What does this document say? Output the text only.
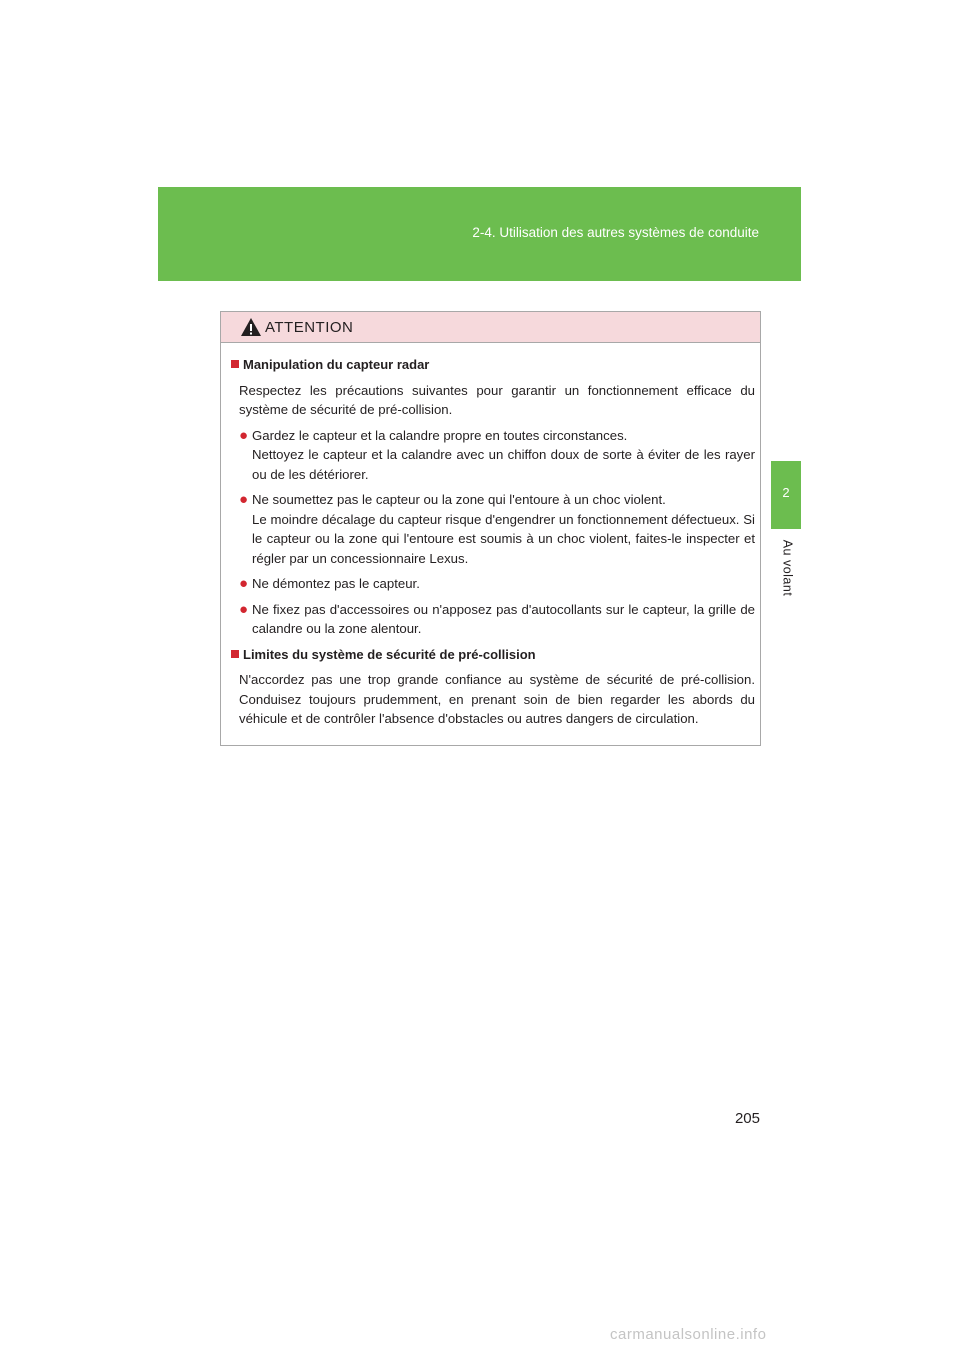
2-4. Utilisation des autres systèmes de conduite
2
Au volant
ATTENTION
Manipulation du capteur radar
Respectez les précautions suivantes pour garantir un fonctionnement efficace du système de sécurité de pré-collision.
● Gardez le capteur et la calandre propre en toutes circonstances.

Nettoyez le capteur et la calandre avec un chiffon doux de sorte à éviter de les rayer ou de les détériorer.

● Ne soumettez pas le capteur ou la zone qui l'entoure à un choc violent.

Le moindre décalage du capteur risque d'engendrer un fonctionnement défectueux. Si le capteur ou la zone qui l'entoure est soumis à un choc violent, faites-le inspecter et régler par un concessionnaire Lexus.

● Ne démontez pas le capteur.

● Ne fixez pas d'accessoires ou n'apposez pas d'autocollants sur le capteur, la grille de calandre ou la zone alentour.

Limites du système de sécurité de pré-collision
N'accordez pas une trop grande confiance au système de sécurité de pré-collision. Conduisez toujours prudemment, en prenant soin de bien regarder les abords du véhicule et de contrôler l'absence d'obstacles ou autres dangers de circulation.
205
carmanualsonline.info
